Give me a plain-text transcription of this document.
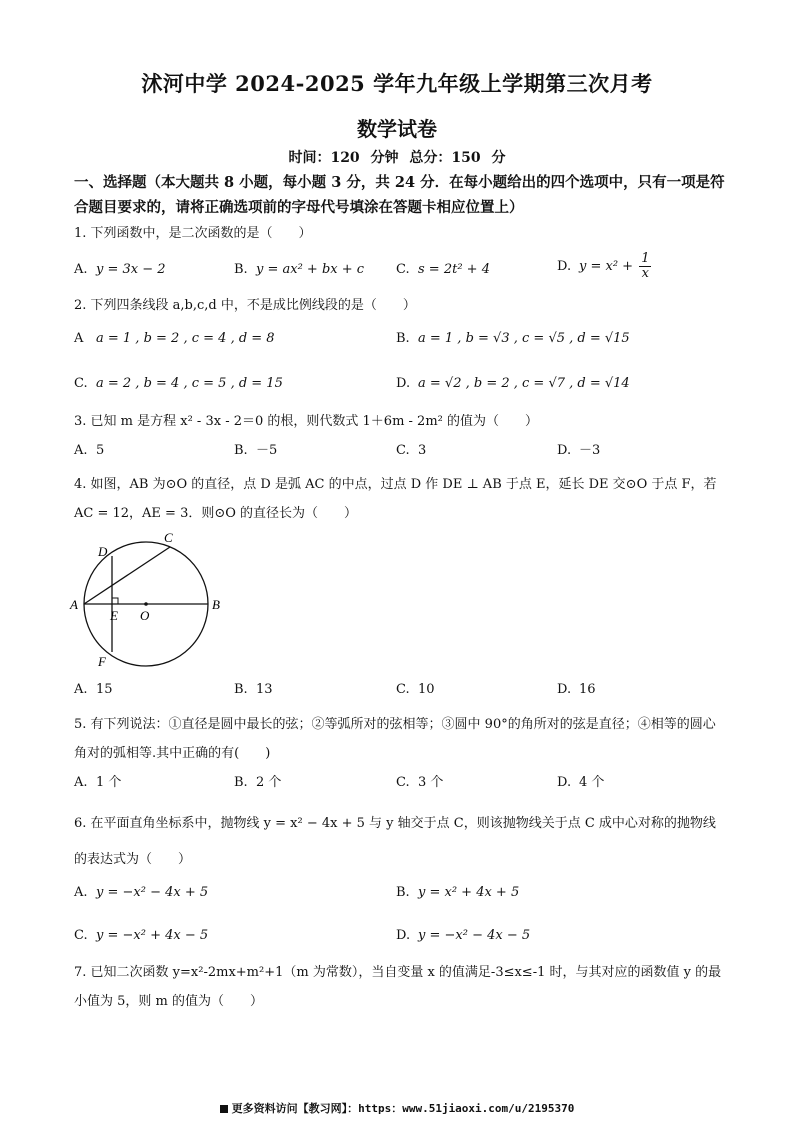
沭河中学 2024-2025 学年九年级上学期第三次月考
数学试卷
时间：120 分钟 总分：150 分
一、选择题（本大题共 8 小题，每小题 3 分，共 24 分．在每小题给出的四个选项中，只有一项是符合题目要求的，请将正确选项前的字母代号填涂在答题卡相应位置上）
1. 下列函数中，是二次函数的是（　　）
A. y = 3x − 2	B. y = ax² + bx + c C. s = 2t² + 4	D. $y = x^2 + \frac{1}{x}$
2. 下列四条线段 a,b,c,d 中，不是成比例线段的是（　　）
A a = 1 , b = 2 , c = 4 , d = 8	B. a = 1 , b = √3 , c = √5 , d = √15
C. a = 2 , b = 4 , c = 5 , d = 15	D. a = √2 , b = 2 , c = √7 , d = √14
3. 已知 m 是方程 x² - 3x - 2＝0 的根，则代数式 1＋6m - 2m² 的值为（　　）
A. 5	B. －5	C. 3	D. －3
4. 如图，AB 为⊙O 的直径，点 D 是弧 AC 的中点，过点 D 作 DE ⊥ AB 于点 E，延长 DE 交⊙O 于点 F，若 AC = 12，AE = 3．则⊙O 的直径长为（　　）
A	B
C
D
E
F
O
A. 15	B. 13	C. 10	D. 16
5. 有下列说法：①直径是圆中最长的弦；②等弧所对的弦相等；③圆中 90°的角所对的弦是直径；④相等的圆心角对的弧相等.其中正确的有(　　)
A. 1 个	B. 2 个	C. 3 个	D. 4 个
6. 在平面直角坐标系中，抛物线 y = x² − 4x + 5 与 y 轴交于点 C，则该抛物线关于点 C 成中心对称的抛物线的表达式为（　　）
A. y = −x² − 4x + 5	B. y = x² + 4x + 5
C. y = −x² + 4x − 5	D. y = −x² − 4x − 5
7. 已知二次函数 y=x²-2mx+m²+1（m 为常数），当自变量 x 的值满足-3≤x≤-1 时，与其对应的函数值 y 的最小值为 5，则 m 的值为（　　）
更多资料访问【教习网】：https：www.51jiaoxi.com/u/2195370
